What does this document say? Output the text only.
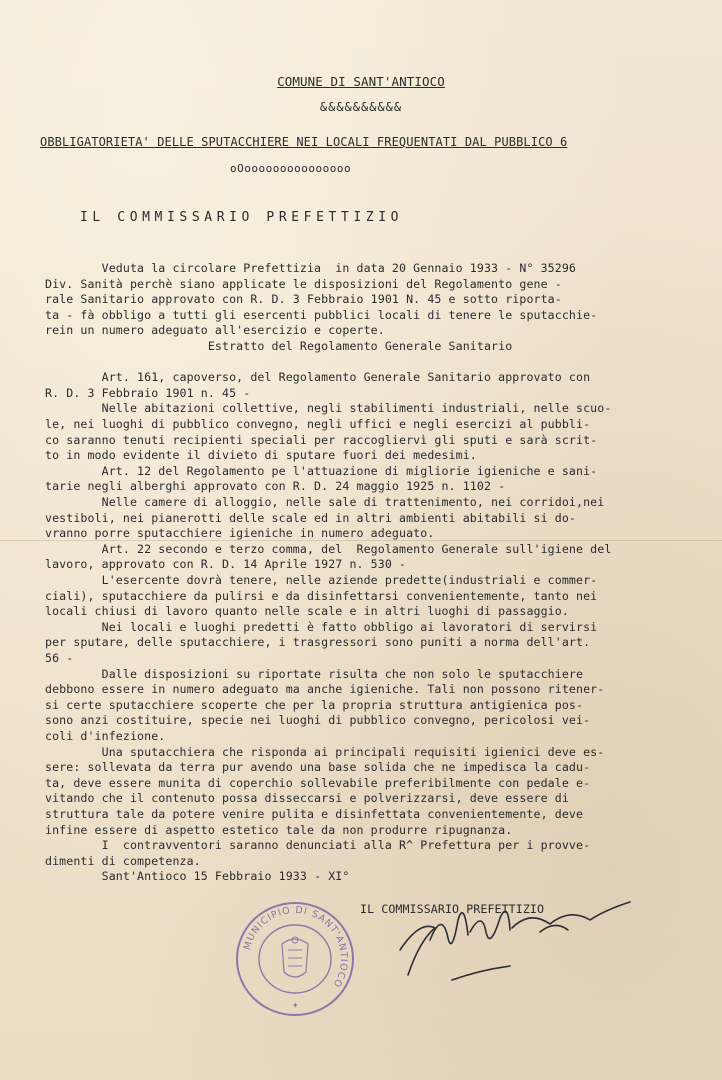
COMUNE DI SANT'ANTIOCO
&&&&&&&&&&
OBBLIGATORIETA' DELLE SPUTACCHIERE NEI LOCALI FREQUENTATI DAL PUBBLICO 6
oOooooooooooooooo
IL COMMISSARIO PREFETTIZIO
Veduta la circolare Prefettizia  in data 20 Gennaio 1933 - N° 35296
Div. Sanità perchè siano applicate le disposizioni del Regolamento gene -
rale Sanitario approvato con R. D. 3 Febbraio 1901 N. 45 e sotto riporta-
ta - fà obbligo a tutti gli esercenti pubblici locali di tenere le sputacchie-
rein un numero adeguato all'esercizio e coperte.
Estratto del Regolamento Generale Sanitario
Art. 161, capoverso, del Regolamento Generale Sanitario approvato con
R. D. 3 Febbraio 1901 n. 45 -
Nelle abitazioni collettive, negli stabilimenti industriali, nelle scuo-
le, nei luoghi di pubblico convegno, negli uffici e negli esercizi al pubbli-
co saranno tenuti recipienti speciali per raccogliervì gli sputi e sarà scrit-
to in modo evidente il divieto di sputare fuori dei medesimi.
Art. 12 del Regolamento pe l'attuazione di migliorie igieniche e sani-
tarie negli alberghi approvato con R. D. 24 maggio 1925 n. 1102 -
Nelle camere di alloggio, nelle sale di trattenimento, nei corridoi,nei
vestiboli, nei pianerotti delle scale ed in altri ambienti abitabili si do-
vranno porre sputacchiere igieniche in numero adeguato.
Art. 22 secondo e terzo comma, del  Regolamento Generale sull'igiene del
lavoro, approvato con R. D. 14 Aprile 1927 n. 530 -
L'esercente dovrà tenere, nelle aziende predette(industriali e commer-
ciali), sputacchiere da pulirsi e da disinfettarsi convenientemente, tanto nei
locali chiusi di lavoro quanto nelle scale e in altri luoghi di passaggio.
Nei locali e luoghi predetti è fatto obbligo ai lavoratori di servirsi
per sputare, delle sputacchiere, i trasgressori sono puniti a norma dell'art.
56 -
Dalle disposizioni su riportate risulta che non solo le sputacchiere
debbono essere in numero adeguato ma anche igieniche. Tali non possono ritener-
si certe sputacchiere scoperte che per la propria struttura antigienica pos-
sono anzi costituire, specie nei luoghi di pubblico convegno, pericolosi vei-
coli d'infezione.
Una sputacchiera che risponda ai principali requisiti igienici deve es-
sere: sollevata da terra pur avendo una base solida che ne impedisca la cadu-
ta, deve essere munita di coperchio sollevabile preferibilmente con pedale e-
vitando che il contenuto possa disseccarsi e polverizzarsi, deve essere di
struttura tale da potere venire pulita e disinfettata convenientemente, deve
infine essere di aspetto estetico tale da non produrre ripugnanza.
I  contravventori saranno denunciati alla R^ Prefettura per i provve-
dimenti di competenza.
Sant'Antioco 15 Febbraio 1933 - XI°
IL COMMISSARIO PREFETTIZIO
MUNICIPIO DI SANT'ANTIOCO
✦
